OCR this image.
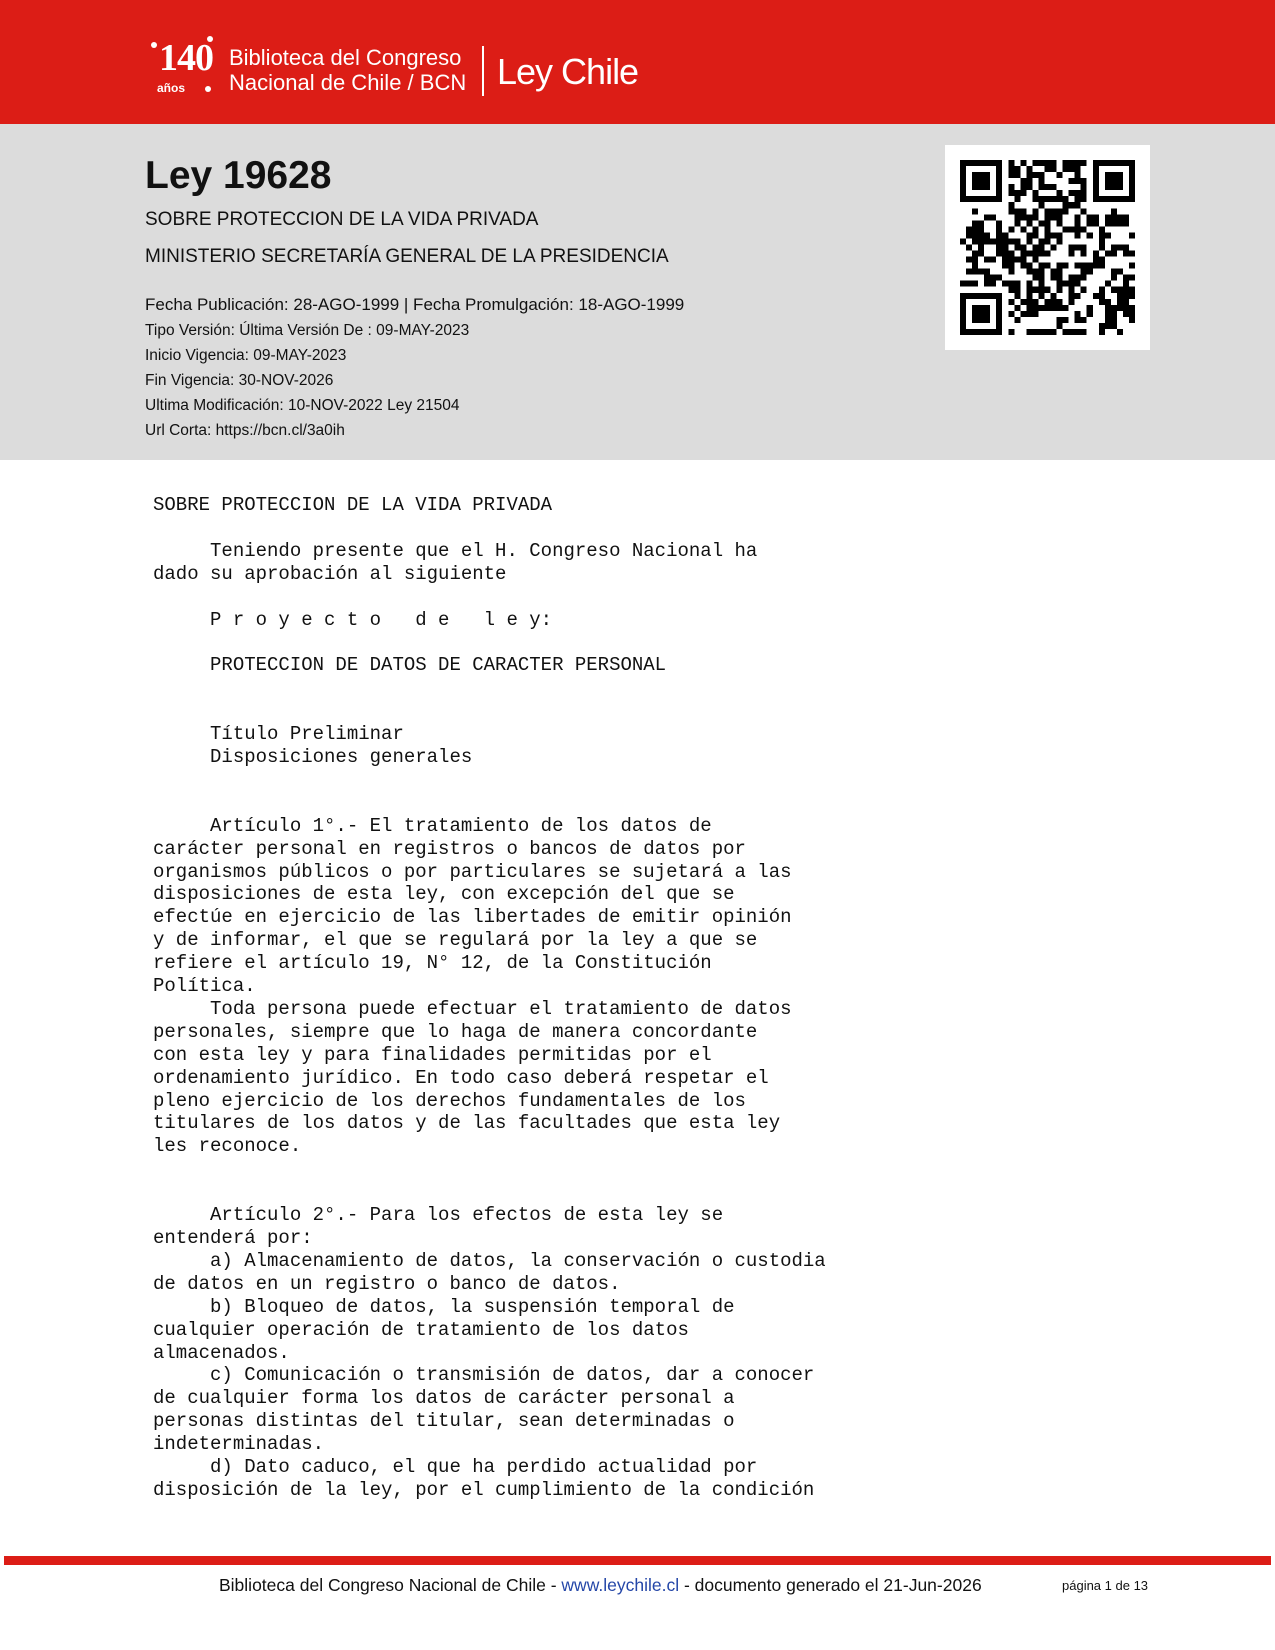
140
años
Biblioteca del Congreso
Nacional de Chile / BCN Ley Chile
Ley 19628
SOBRE PROTECCION DE LA VIDA PRIVADA
MINISTERIO SECRETARÍA GENERAL DE LA PRESIDENCIA
Fecha Publicación: 28-AGO-1999 | Fecha Promulgación: 18-AGO-1999
Tipo Versión: Última Versión De : 09-MAY-2023
Inicio Vigencia: 09-MAY-2023
Fin Vigencia: 30-NOV-2026
Ultima Modificación: 10-NOV-2022 Ley 21504
Url Corta: https://bcn.cl/3a0ih
SOBRE PROTECCION DE LA VIDA PRIVADA

Teniendo presente que el H. Congreso Nacional ha
dado su aprobación al siguiente

P r o y e c t o   d e   l e y:

PROTECCION DE DATOS DE CARACTER PERSONAL

Título Preliminar
Disposiciones generales

Artículo 1°.- El tratamiento de los datos de
carácter personal en registros o bancos de datos por
organismos públicos o por particulares se sujetará a las
disposiciones de esta ley, con excepción del que se
efectúe en ejercicio de las libertades de emitir opinión
y de informar, el que se regulará por la ley a que se
refiere el artículo 19, N° 12, de la Constitución
Política.
Toda persona puede efectuar el tratamiento de datos
personales, siempre que lo haga de manera concordante
con esta ley y para finalidades permitidas por el
ordenamiento jurídico. En todo caso deberá respetar el
pleno ejercicio de los derechos fundamentales de los
titulares de los datos y de las facultades que esta ley
les reconoce.

Artículo 2°.- Para los efectos de esta ley se
entenderá por:
a) Almacenamiento de datos, la conservación o custodia
de datos en un registro o banco de datos.
b) Bloqueo de datos, la suspensión temporal de
cualquier operación de tratamiento de los datos
almacenados.
c) Comunicación o transmisión de datos, dar a conocer
de cualquier forma los datos de carácter personal a
personas distintas del titular, sean determinadas o
indeterminadas.
d) Dato caduco, el que ha perdido actualidad por
disposición de la ley, por el cumplimiento de la condición
Biblioteca del Congreso Nacional de Chile - www.leychile.cl - documento generado el 21-Jun-2026	página 1 de 13
